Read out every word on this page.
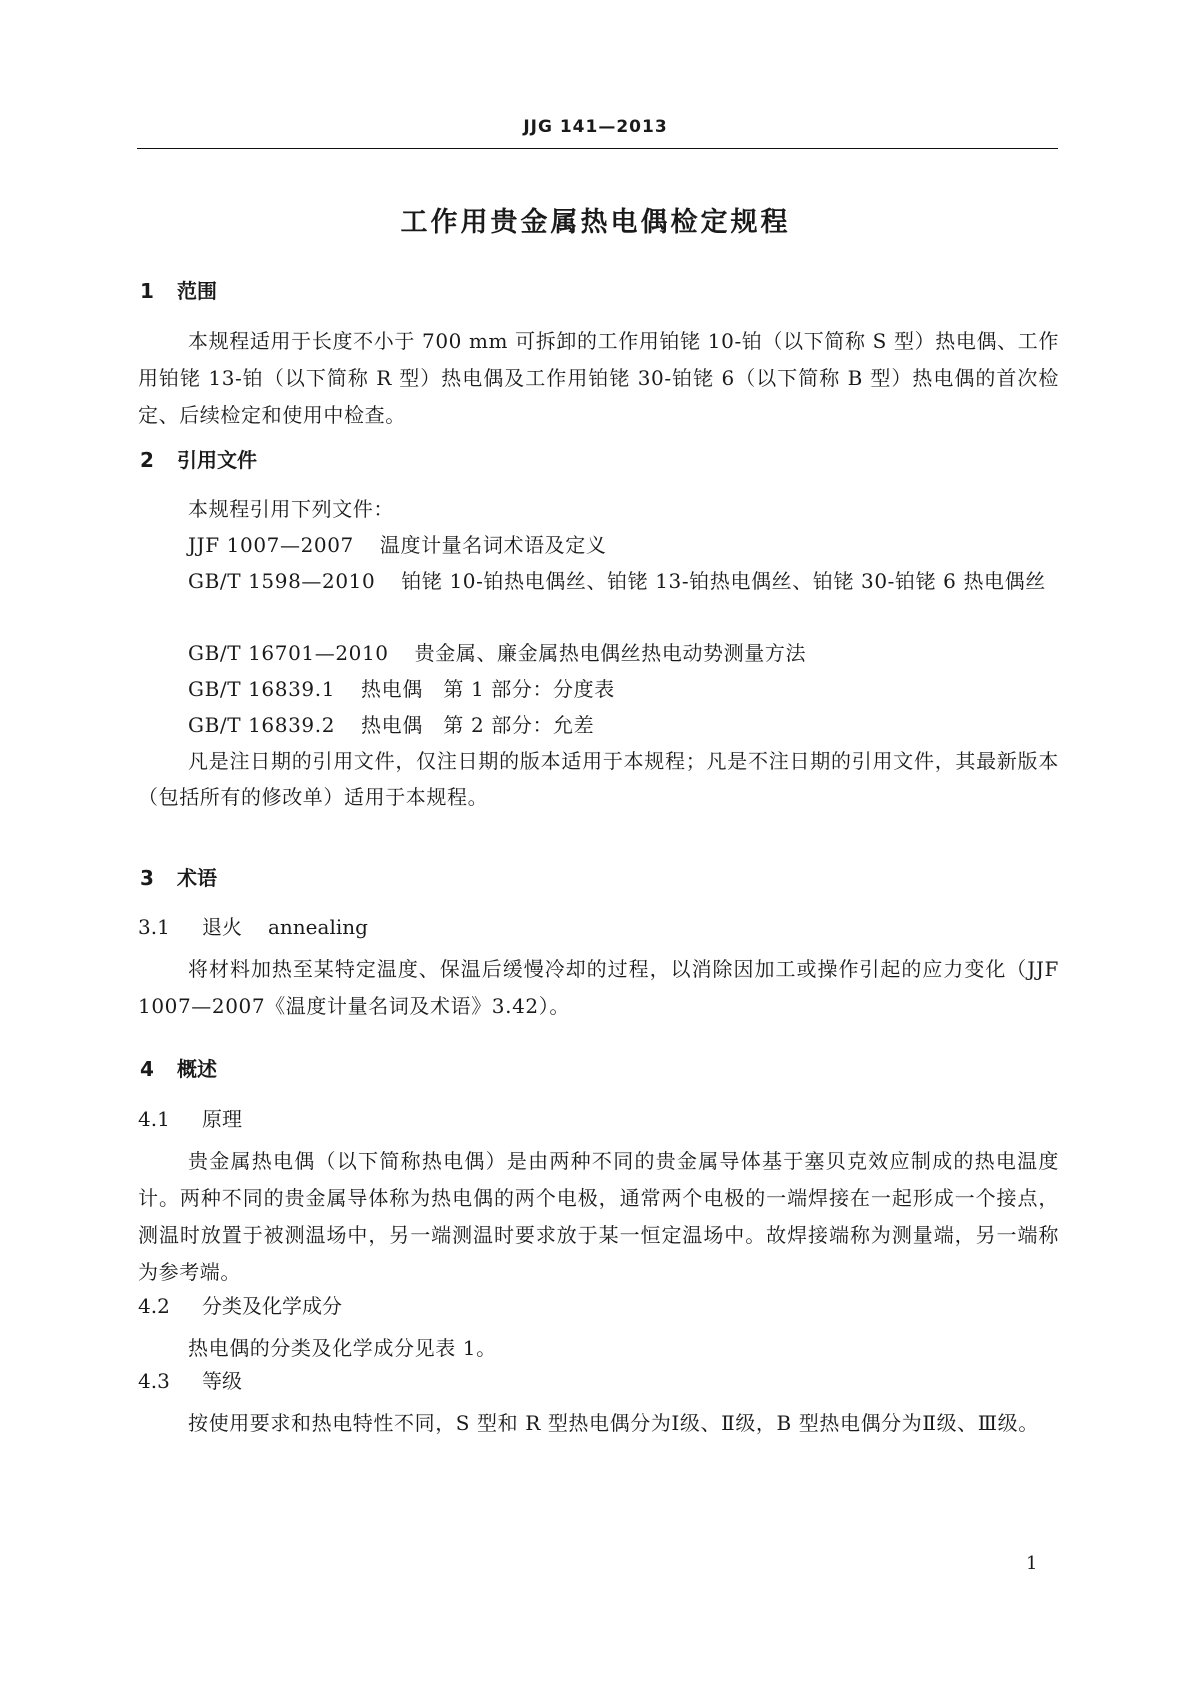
JJG 141—2013
工作用贵金属热电偶检定规程
1 范围
本规程适用于长度不小于 700 mm 可拆卸的工作用铂铑 10-铂（以下简称 S 型）热电偶、工作用铂铑 13-铂（以下简称 R 型）热电偶及工作用铂铑 30-铂铑 6（以下简称 B 型）热电偶的首次检定、后续检定和使用中检查。
2 引用文件
本规程引用下列文件：
JJF 1007—2007 温度计量名词术语及定义
GB/T 1598—2010 铂铑 10-铂热电偶丝、铂铑 13-铂热电偶丝、铂铑 30-铂铑 6 热电偶丝
GB/T 16701—2010 贵金属、廉金属热电偶丝热电动势测量方法
GB/T 16839.1 热电偶　第 1 部分：分度表
GB/T 16839.2 热电偶　第 2 部分：允差
凡是注日期的引用文件，仅注日期的版本适用于本规程；凡是不注日期的引用文件，其最新版本（包括所有的修改单）适用于本规程。
3 术语
3.1 退火 annealing
将材料加热至某特定温度、保温后缓慢冷却的过程，以消除因加工或操作引起的应力变化（JJF 1007—2007《温度计量名词及术语》3.42）。
4 概述
4.1 原理
贵金属热电偶（以下简称热电偶）是由两种不同的贵金属导体基于塞贝克效应制成的热电温度计。两种不同的贵金属导体称为热电偶的两个电极，通常两个电极的一端焊接在一起形成一个接点，测温时放置于被测温场中，另一端测温时要求放于某一恒定温场中。故焊接端称为测量端，另一端称为参考端。
4.2 分类及化学成分
热电偶的分类及化学成分见表 1。
4.3 等级
按使用要求和热电特性不同，S 型和 R 型热电偶分为Ⅰ级、Ⅱ级，B 型热电偶分为Ⅱ级、Ⅲ级。
1
